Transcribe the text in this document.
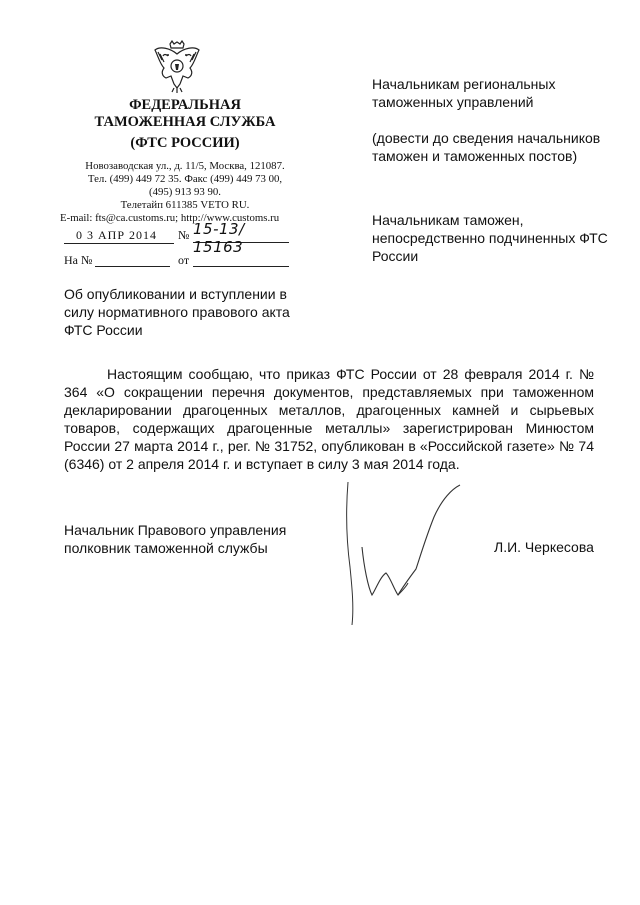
ФЕДЕРАЛЬНАЯ
ТАМОЖЕННАЯ СЛУЖБА
(ФТС РОССИИ)
Новозаводская ул., д. 11/5, Москва, 121087.
Тел. (499) 449 72 35. Факс (499) 449 73 00,
(495) 913 93 90.
Телетайп 611385 VETO RU.
E-mail: fts@ca.customs.ru; http://www.customs.ru
0 3 АПР 2014	№ 15-13/ 15163
На №	от
Об опубликовании и вступлении в силу нормативного правового акта ФТС России
Начальникам региональных таможенных управлений
(довести до сведения начальников таможен и таможенных постов)
Начальникам таможен, непосредственно подчиненных ФТС России

Настоящим сообщаю, что приказ ФТС России от 28 февраля 2014 г. № 364 «О сокращении перечня документов, представляемых при таможенном декларировании драгоценных металлов, драгоценных камней и сырьевых товаров, содержащих драгоценные металлы» зарегистрирован Минюстом России 27 марта 2014 г., рег. № 31752, опубликован в «Российской газете» № 74 (6346) от 2 апреля 2014 г. и вступает в силу 3 мая 2014 года.

Начальник Правового управления
полковник таможенной службы	Л.И. Черкесова
